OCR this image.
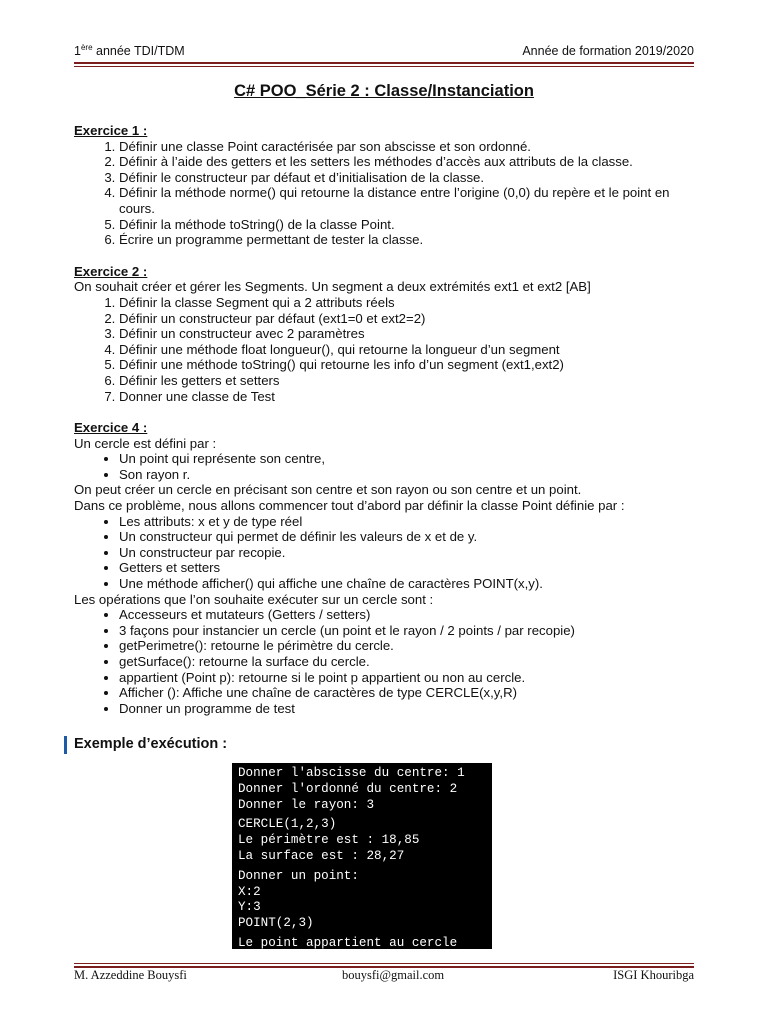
1ère année TDI/TDM	Année de formation 2019/2020
C# POO_Série 2 : Classe/Instanciation

Exercice 1 :

1. Définir une classe Point caractérisée par son abscisse et son ordonné.
2. Définir à l’aide des getters et les setters les méthodes d’accès aux attributs de la classe.
3. Définir le constructeur par défaut et d’initialisation de la classe.
4. Définir la méthode norme() qui retourne la distance entre l’origine (0,0) du repère et le point en cours.
5. Définir la méthode toString() de la classe Point.
6. Écrire un programme permettant de tester la classe.

Exercice 2 :

On souhait créer et gérer les Segments. Un segment a deux extrémités ext1 et ext2 [AB]

1. Définir la classe Segment qui a 2 attributs réels
2. Définir un constructeur par défaut (ext1=0 et ext2=2)
3. Définir un constructeur avec 2 paramètres
4. Définir une méthode float longueur(), qui retourne la longueur d’un segment
5. Définir une méthode toString() qui retourne les info d’un segment (ext1,ext2)
6. Définir les getters et setters
7. Donner une classe de Test

Exercice 4 :

Un cercle est défini par :

• Un point qui représente son centre,
• Son rayon r.

On peut créer un cercle en précisant son centre et son rayon ou son centre et un point.

Dans ce problème, nous allons commencer tout d’abord par définir la classe Point définie par :

• Les attributs: x et y de type réel
• Un constructeur qui permet de définir les valeurs de x et de y.
• Un constructeur par recopie.
• Getters et setters
• Une méthode afficher() qui affiche une chaîne de caractères POINT(x,y).

Les opérations que l’on souhaite exécuter sur un cercle sont :

• Accesseurs et mutateurs (Getters / setters)
• 3 façons pour instancier un cercle (un point et le rayon / 2 points / par recopie)
• getPerimetre(): retourne le périmètre du cercle.
• getSurface(): retourne la surface du cercle.
• appartient (Point p): retourne si le point p appartient ou non au cercle.
• Afficher (): Affiche une chaîne de caractères de type CERCLE(x,y,R)
• Donner un programme de test
Exemple d’exécution :
Donner l'abscisse du centre: 1
Donner l'ordonné du centre: 2
Donner le rayon: 3
CERCLE(1,2,3)
Le périmètre est : 18,85
La surface est : 28,27
Donner un point:
X:2
Y:3
POINT(2,3)
Le point appartient au cercle
M. Azzeddine Bouysfi	bouysfi@gmail.com	ISGI Khouribga
